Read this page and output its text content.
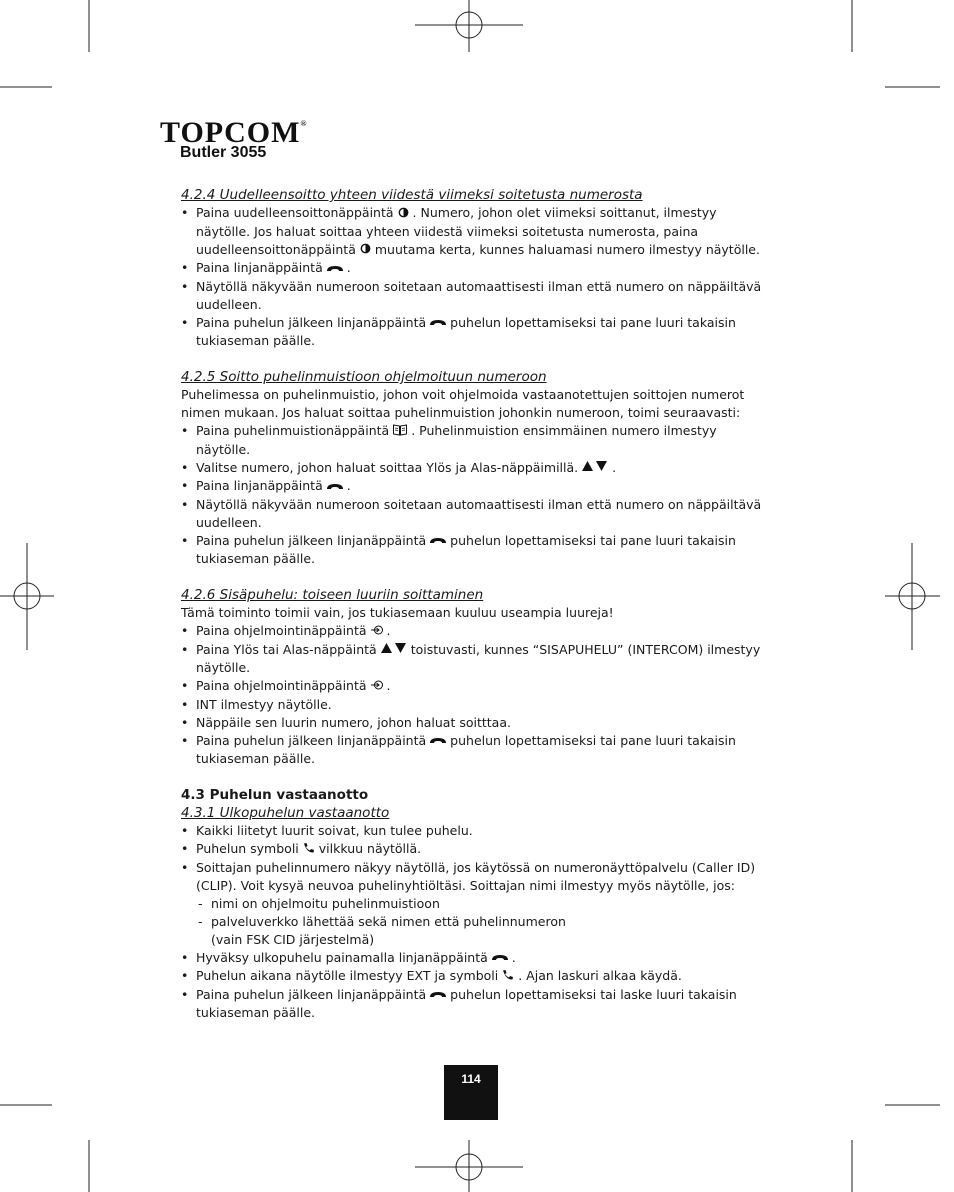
TOPCOM®
Butler 3055
4.2.4 Uudelleensoitto yhteen viidestä viimeksi soitetusta numerosta
• Paina uudelleensoittonäppäintä . Numero, johon olet viimeksi soittanut, ilmestyy näytölle. Jos haluat soittaa yhteen viidestä viimeksi soitetusta numerosta, paina uudelleensoittonäppäintä muutama kerta, kunnes haluamasi numero ilmestyy näytölle.
• Paina linjanäppäintä .
• Näytöllä näkyvään numeroon soitetaan automaattisesti ilman että numero on näppäiltävä uudelleen.
• Paina puhelun jälkeen linjanäppäintä puhelun lopettamiseksi tai pane luuri takaisin tukiaseman päälle.
4.2.5 Soitto puhelinmuistioon ohjelmoituun numeroon

Puhelimessa on puhelinmuistio, johon voit ohjelmoida vastaanotettujen soittojen numerot nimen mukaan. Jos haluat soittaa puhelinmuistion johonkin numeroon, toimi seuraavasti:

• Paina puhelinmuistionäppäintä . Puhelinmuistion ensimmäinen numero ilmestyy näytölle.
• Valitse numero, johon haluat soittaa Ylös ja Alas-näppäimillä.	.
• Paina linjanäppäintä .
• Näytöllä näkyvään numeroon soitetaan automaattisesti ilman että numero on näppäiltävä uudelleen.
• Paina puhelun jälkeen linjanäppäintä puhelun lopettamiseksi tai pane luuri takaisin tukiaseman päälle.
4.2.6 Sisäpuhelu: toiseen luuriin soittaminen

Tämä toiminto toimii vain, jos tukiasemaan kuuluu useampia luureja!

• Paina ohjelmointinäppäintä .
• Paina Ylös tai Alas-näppäintä	toistuvasti, kunnes “SISAPUHELU” (INTERCOM) ilmestyy näytölle.
• Paina ohjelmointinäppäintä .
• INT ilmestyy näytölle.
• Näppäile sen luurin numero, johon haluat soitttaa.
• Paina puhelun jälkeen linjanäppäintä puhelun lopettamiseksi tai pane luuri takaisin tukiaseman päälle.
4.3 Puhelun vastaanotto
4.3.1 Ulkopuhelun vastaanotto
• Kaikki liitetyt luurit soivat, kun tulee puhelu.
• Puhelun symboli vilkkuu näytöllä.
• Soittajan puhelinnumero näkyy näytöllä, jos käytössä on numeronäyttöpalvelu (Caller ID) (CLIP). Voit kysyä neuvoa puhelinyhtiöltäsi. Soittajan nimi ilmestyy myös näytölle, jos:
- nimi on ohjelmoitu puhelinmuistioon
- palveluverkko lähettää sekä nimen että puhelinnumeron
(vain FSK CID järjestelmä)
• Hyväksy ulkopuhelu painamalla linjanäppäintä .
• Puhelun aikana näytölle ilmestyy EXT ja symboli . Ajan laskuri alkaa käydä.
• Paina puhelun jälkeen linjanäppäintä puhelun lopettamiseksi tai laske luuri takaisin tukiaseman päälle.
114
